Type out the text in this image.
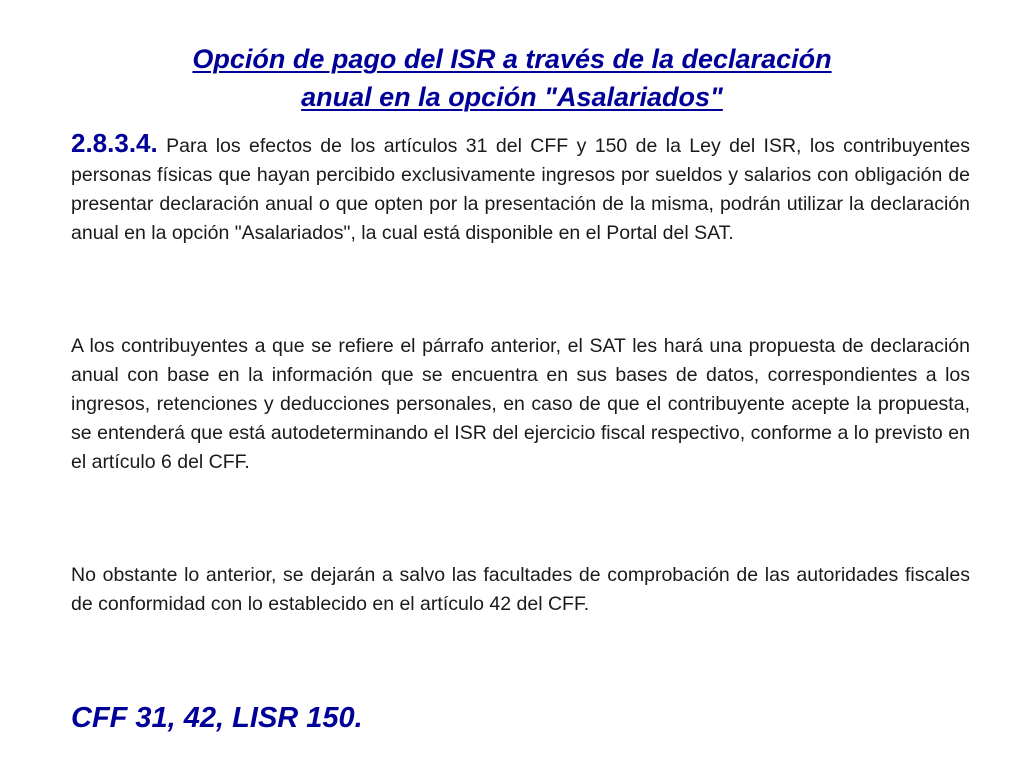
Opción de pago del ISR a través de la declaración
anual en la opción "Asalariados"
2.8.3.4. Para los efectos de los artículos 31 del CFF y 150 de la Ley del ISR, los contribuyentes personas físicas que hayan percibido exclusivamente ingresos por sueldos y salarios con obligación de presentar declaración anual o que opten por la presentación de la misma, podrán utilizar la declaración anual en la opción "Asalariados", la cual está disponible en el Portal del SAT.
A los contribuyentes a que se refiere el párrafo anterior, el SAT les hará una propuesta de declaración anual con base en la información que se encuentra en sus bases de datos, correspondientes a los ingresos, retenciones y deducciones personales, en caso de que el contribuyente acepte la propuesta, se entenderá que está autodeterminando el ISR del ejercicio fiscal respectivo, conforme a lo previsto en el artículo 6 del CFF.
No obstante lo anterior, se dejarán a salvo las facultades de comprobación de las autoridades fiscales de conformidad con lo establecido en el artículo 42 del CFF.
CFF 31, 42, LISR 150.
